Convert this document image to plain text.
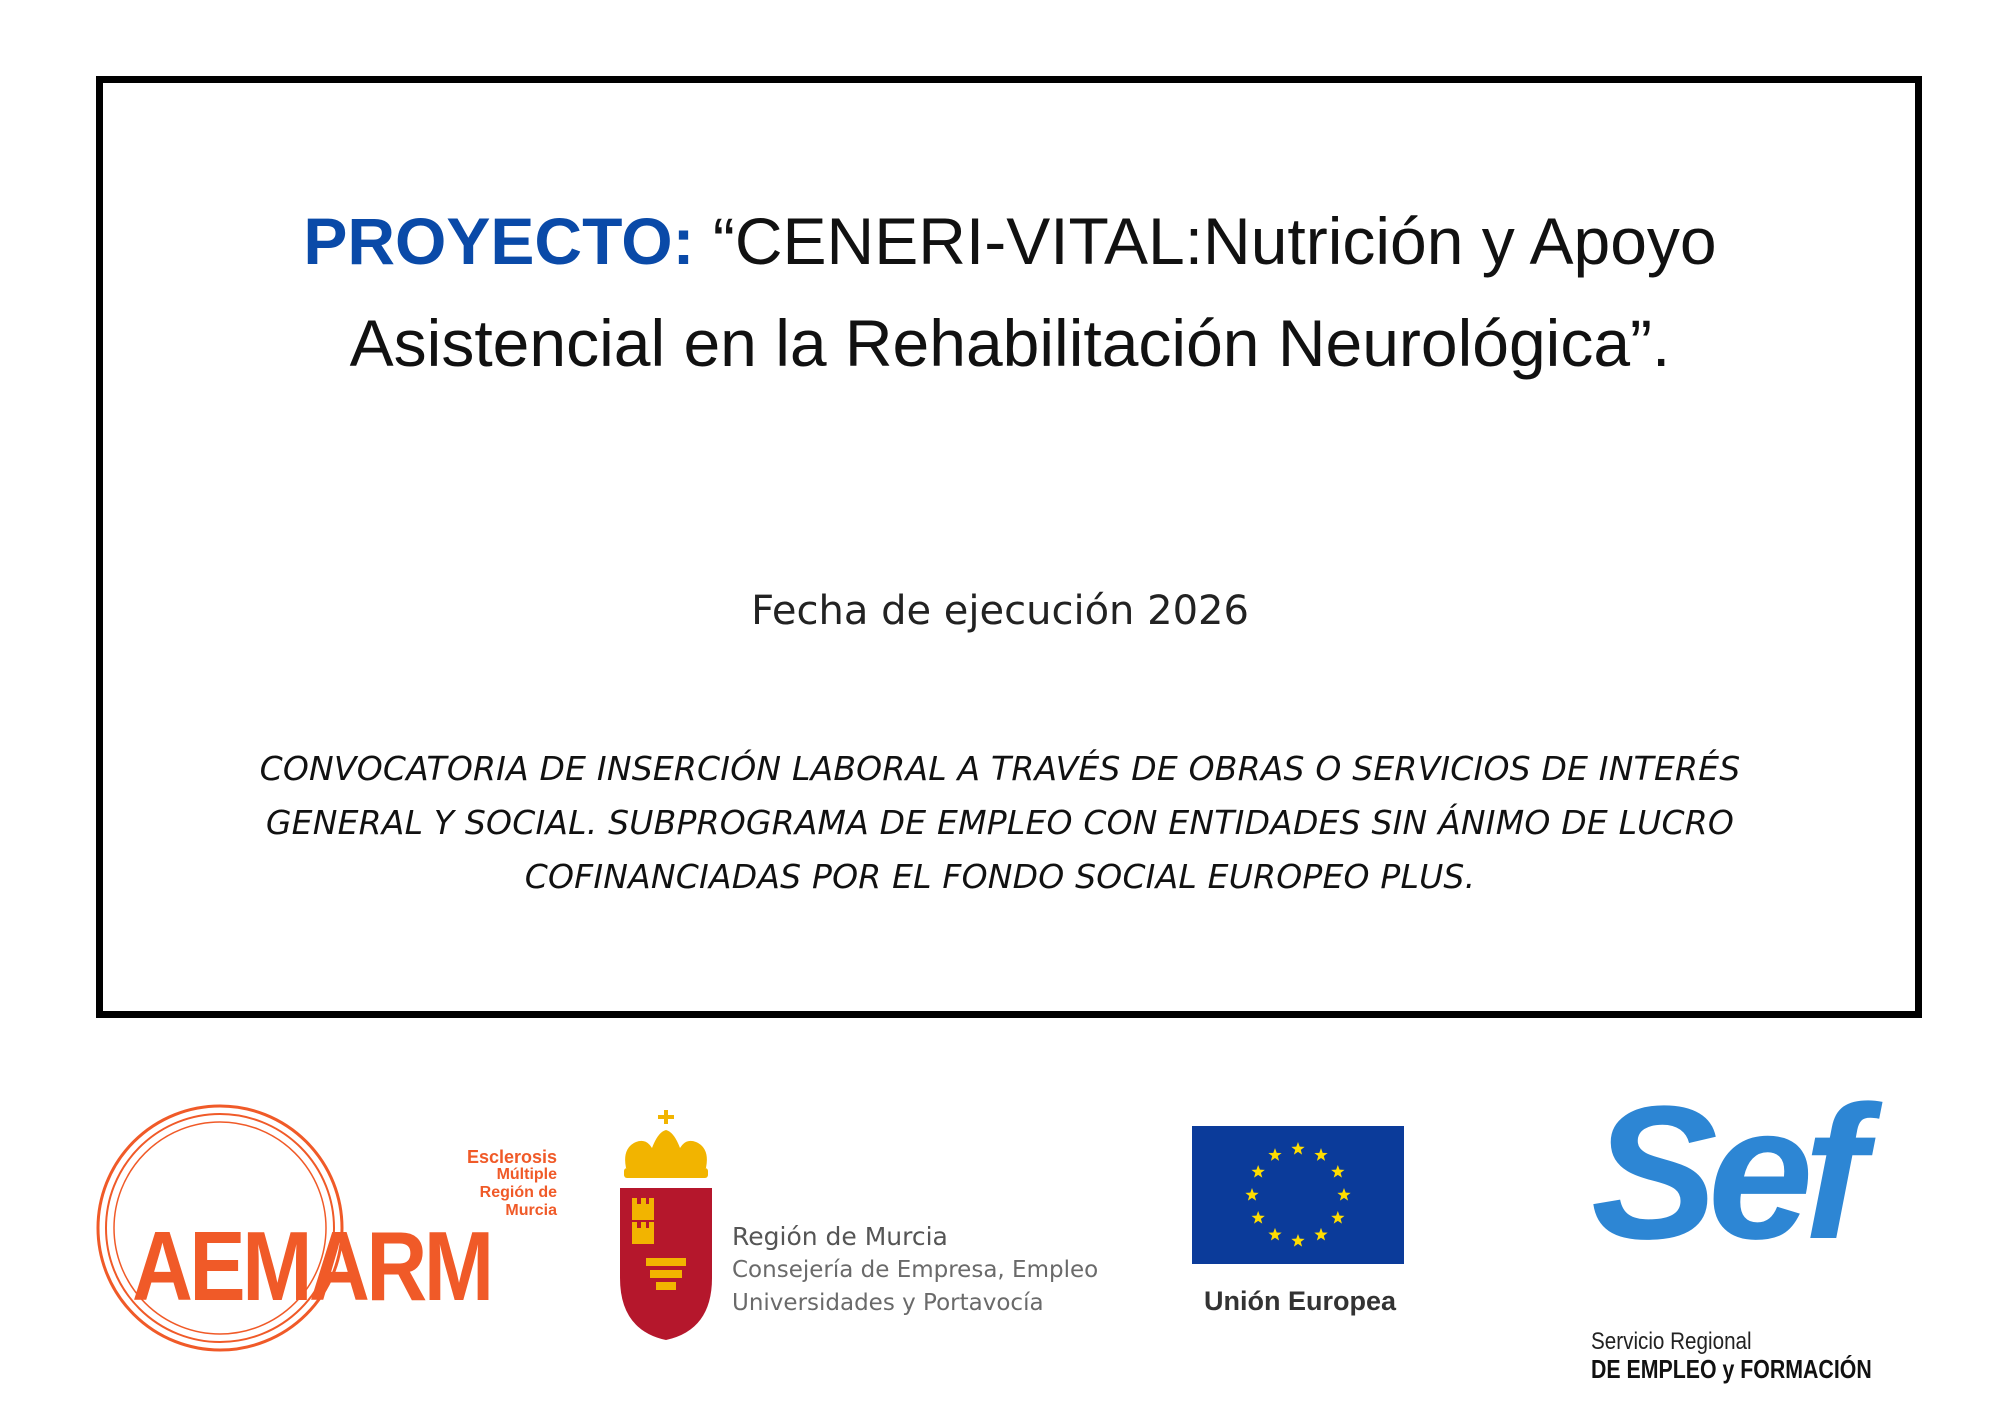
PROYECTO: “CENERI-VITAL:Nutrición y Apoyo
Asistencial en la Rehabilitación Neurológica”.
Fecha de ejecución 2026
CONVOCATORIA DE INSERCIÓN LABORAL A TRAVÉS DE OBRAS O SERVICIOS DE INTERÉS
GENERAL Y SOCIAL. SUBPROGRAMA DE EMPLEO CON ENTIDADES SIN ÁNIMO DE LUCRO
COFINANCIADAS POR EL FONDO SOCIAL EUROPEO PLUS.
Esclerosis
Múltiple
Región de
Murcia
AEMARM	Región de Murcia
Consejería de Empresa, Empleo
Universidades y Portavocía	Unión Europea
Sef
Servicio Regional
DE EMPLEO y FORMACIÓN
